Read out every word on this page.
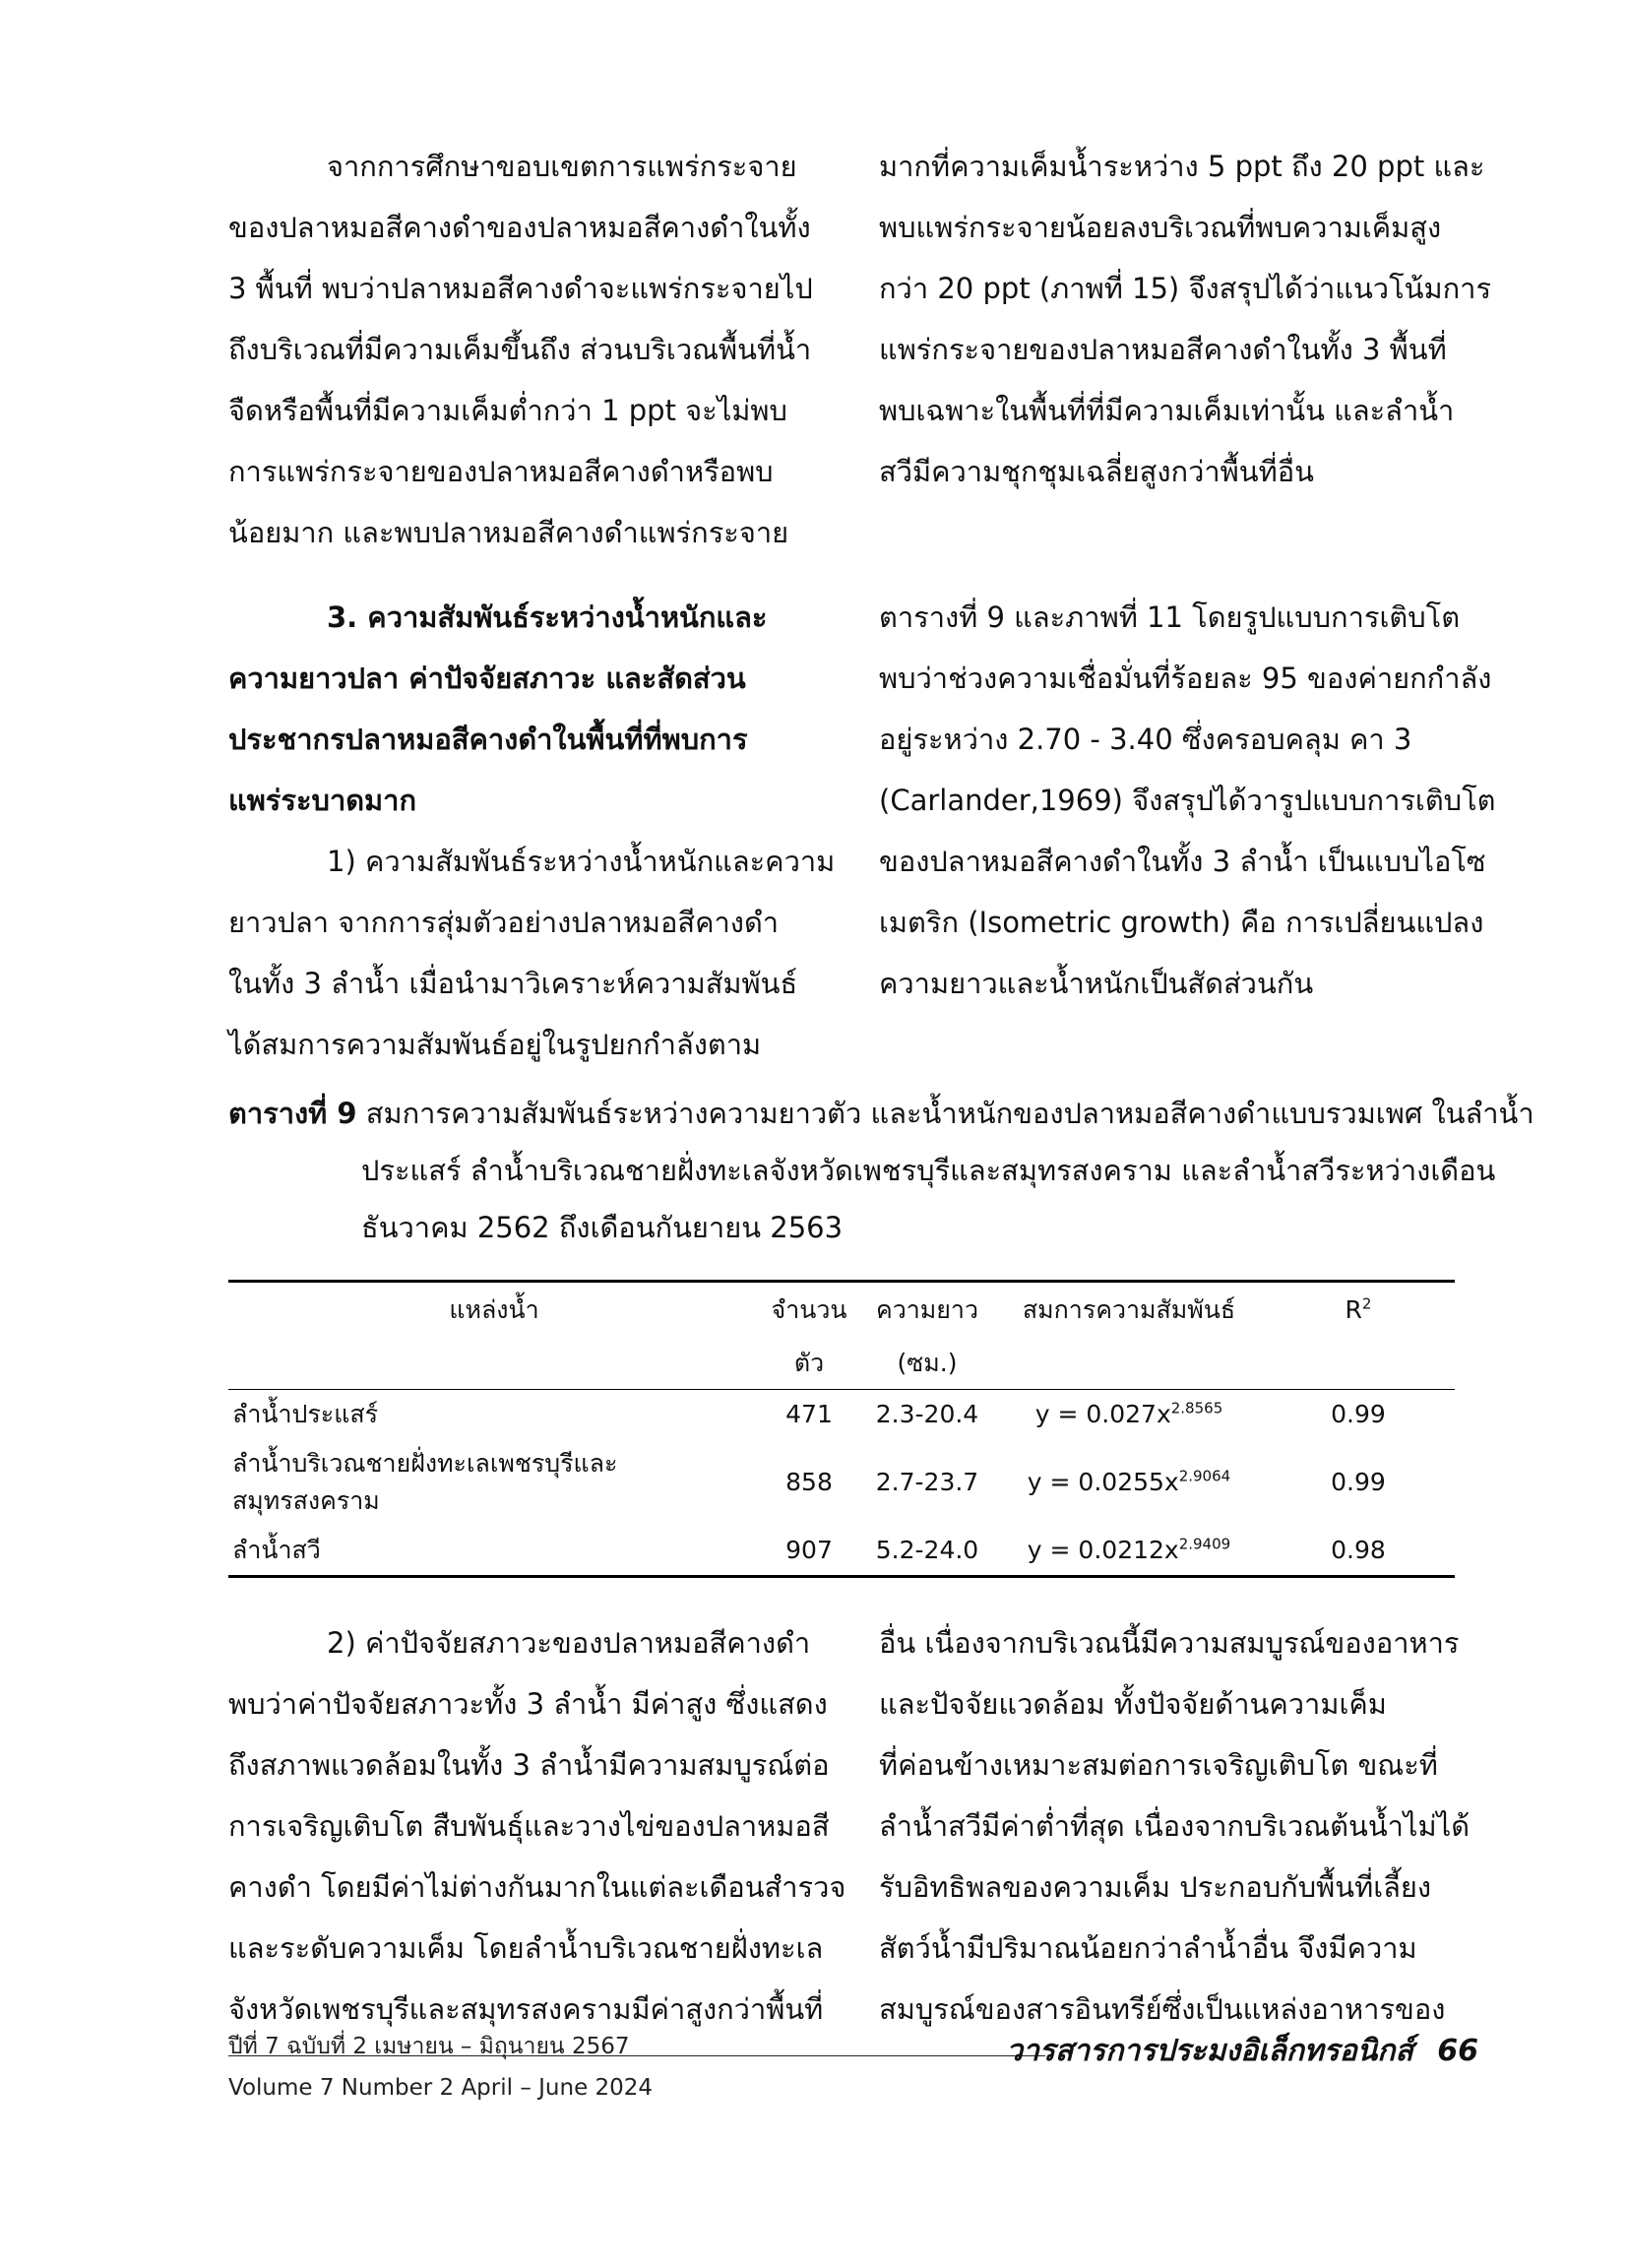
จากการศึกษาขอบเขตการแพร่กระจาย
ของปลาหมอสีคางดำของปลาหมอสีคางดำในทั้ง
3 พื้นที่ พบว่าปลาหมอสีคางดำจะแพร่กระจายไป
ถึงบริเวณที่มีความเค็มขึ้นถึง ส่วนบริเวณพื้นที่น้ำ
จืดหรือพื้นที่มีความเค็มต่ำกว่า 1 ppt จะไม่พบ
การแพร่กระจายของปลาหมอสีคางดำหรือพบ
น้อยมาก และพบปลาหมอสีคางดำแพร่กระจาย
มากที่ความเค็มน้ำระหว่าง 5 ppt ถึง 20 ppt และ
พบแพร่กระจายน้อยลงบริเวณที่พบความเค็มสูง
กว่า 20 ppt (ภาพที่ 15) จึงสรุปได้ว่าแนวโน้มการ
แพร่กระจายของปลาหมอสีคางดำในทั้ง 3 พื้นที่
พบเฉพาะในพื้นที่ที่มีความเค็มเท่านั้น และลำน้ำ
สวีมีความชุกชุมเฉลี่ยสูงกว่าพื้นที่อื่น
3. ความสัมพันธ์ระหว่างน้ำหนักและ
ความยาวปลา ค่าปัจจัยสภาวะ และสัดส่วน
ประชากรปลาหมอสีคางดำในพื้นที่ที่พบการ
แพร่ระบาดมาก
1) ความสัมพันธ์ระหว่างน้ำหนักและความ
ยาวปลา จากการสุ่มตัวอย่างปลาหมอสีคางดำ
ในทั้ง 3 ลำน้ำ เมื่อนำมาวิเคราะห์ความสัมพันธ์
ได้สมการความสัมพันธ์อยู่ในรูปยกกำลังตาม
ตารางที่ 9 และภาพที่ 11 โดยรูปแบบการเติบโต
พบว่าช่วงความเชื่อมั่นที่ร้อยละ 95 ของค่ายกกำลัง
อยู่ระหว่าง 2.70 - 3.40 ซึ่งครอบคลุม คา 3
(Carlander,1969) จึงสรุปได้วารูปแบบการเติบโต
ของปลาหมอสีคางดำในทั้ง 3 ลำน้ำ เป็นแบบไอโซ
เมตริก (Isometric growth) คือ การเปลี่ยนแปลง
ความยาวและน้ำหนักเป็นสัดส่วนกัน
ตารางที่ 9 สมการความสัมพันธ์ระหว่างความยาวตัว และน้ำหนักของปลาหมอสีคางดำแบบรวมเพศ ในลำน้ำ
ประแสร์ ลำน้ำบริเวณชายฝั่งทะเลจังหวัดเพชรบุรีและสมุทรสงคราม และลำน้ำสวีระหว่างเดือน
ธันวาคม 2562 ถึงเดือนกันยายน 2563
แหล่งน้ำ	จำนวน	ความยาว	สมการความสัมพันธ์	$R^2$
	ตัว	(ซม.)		
ลำน้ำประแสร์	471	2.3-20.4	$y = 0.027x^{2.8565}$	0.99
ลำน้ำบริเวณชายฝั่งทะเลเพชรบุรีและสมุทรสงคราม	858	2.7-23.7	$y = 0.0255x^{2.9064}$	0.99
ลำน้ำสวี	907	5.2-24.0	$y = 0.0212x^{2.9409}$	0.98
2) ค่าปัจจัยสภาวะของปลาหมอสีคางดำ
พบว่าค่าปัจจัยสภาวะทั้ง 3 ลำน้ำ มีค่าสูง ซึ่งแสดง
ถึงสภาพแวดล้อมในทั้ง 3 ลำน้ำมีความสมบูรณ์ต่อ
การเจริญเติบโต สืบพันธุ์และวางไข่ของปลาหมอสี
คางดำ โดยมีค่าไม่ต่างกันมากในแต่ละเดือนสำรวจ
และระดับความเค็ม โดยลำน้ำบริเวณชายฝั่งทะเล
จังหวัดเพชรบุรีและสมุทรสงครามมีค่าสูงกว่าพื้นที่
อื่น เนื่องจากบริเวณนี้มีความสมบูรณ์ของอาหาร
และปัจจัยแวดล้อม ทั้งปัจจัยด้านความเค็ม
ที่ค่อนข้างเหมาะสมต่อการเจริญเติบโต ขณะที่
ลำน้ำสวีมีค่าต่ำที่สุด เนื่องจากบริเวณต้นน้ำไม่ได้
รับอิทธิพลของความเค็ม ประกอบกับพื้นที่เลี้ยง
สัตว์น้ำมีปริมาณน้อยกว่าลำน้ำอื่น จึงมีความ
สมบูรณ์ของสารอินทรีย์ซึ่งเป็นแหล่งอาหารของ
ปีที่ 7 ฉบับที่ 2 เมษายน – มิถุนายน 2567
Volume 7 Number 2 April – June 2024
วารสารการประมงอิเล็กทรอนิกส์ 66
